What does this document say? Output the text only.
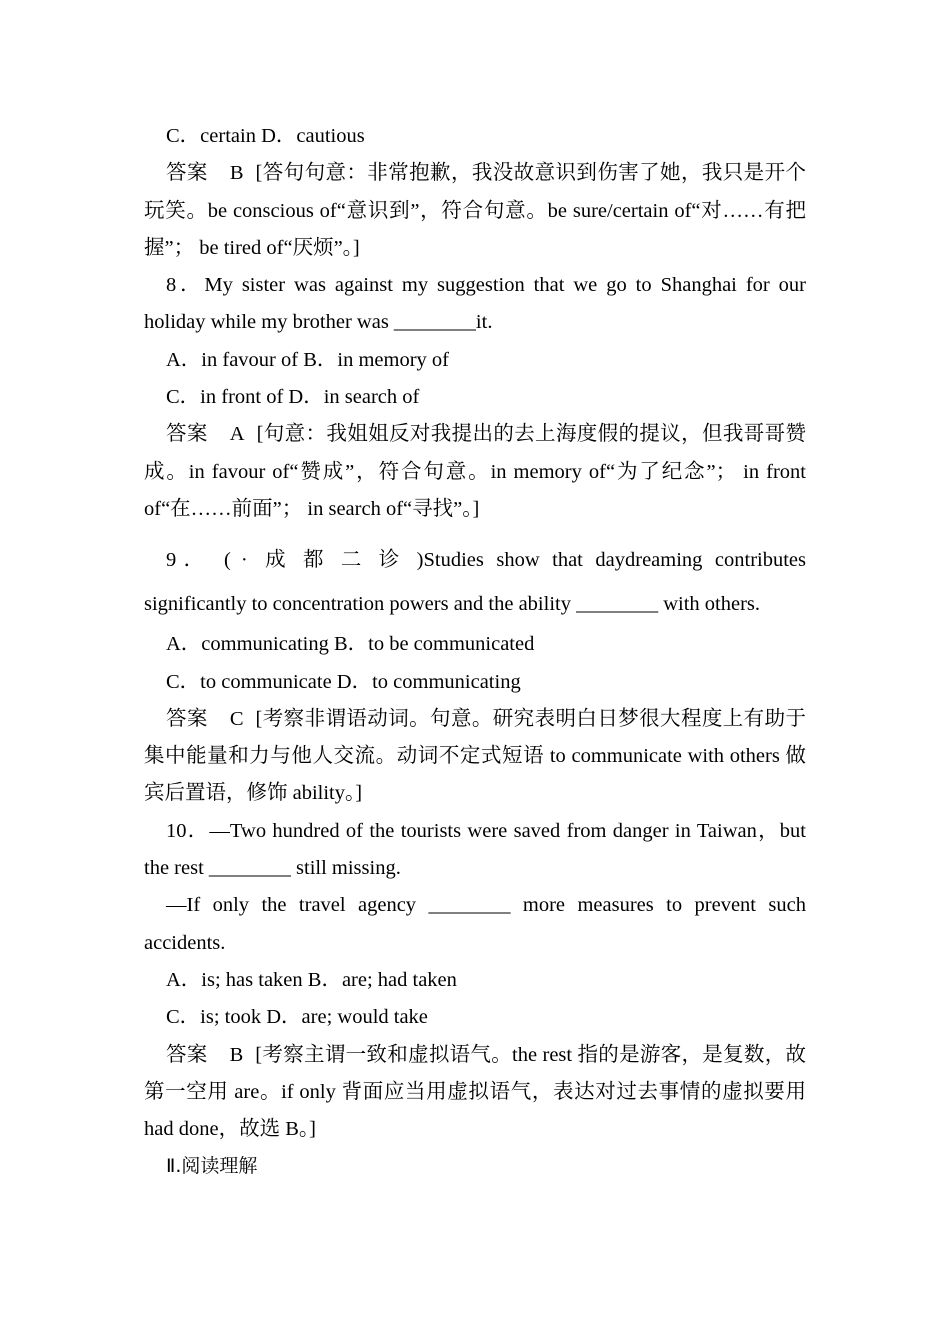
C．certain D．cautious

答案 B [答句句意：非常抱歉，我没故意识到伤害了她，我只是开个玩笑。be conscious of“意识到”，符合句意。be sure/certain of“对……有把握”； be tired of“厌烦”。]

8．My sister was against my suggestion that we go to Shanghai for our holiday while my brother was ________it.

A．in favour of B．in memory of

C．in front of D．in search of

答案 A [句意：我姐姐反对我提出的去上海度假的提议，但我哥哥赞成。in favour of“赞成”，符合句意。in memory of“为了纪念”； in front of“在……前面”； in search of“寻找”。]

9． (·成都二诊)Studies show that daydreaming contributes significantly to concentration powers and the ability ________ with others.

A．communicating B．to be communicated

C．to communicate D．to communicating

答案 C [考察非谓语动词。句意。研究表明白日梦很大程度上有助于集中能量和力与他人交流。动词不定式短语 to communicate with others 做宾后置语，修饰 ability。]

10．—Two hundred of the tourists were saved from danger in Taiwan，but the rest ________ still missing.

—If only the travel agency ________ more measures to prevent such accidents.

A．is; has taken B．are; had taken

C．is; took D．are; would take

答案 B [考察主谓一致和虚拟语气。the rest 指的是游客，是复数，故第一空用 are。if only 背面应当用虚拟语气，表达对过去事情的虚拟要用 had done，故选 B。]

Ⅱ.阅读理解
